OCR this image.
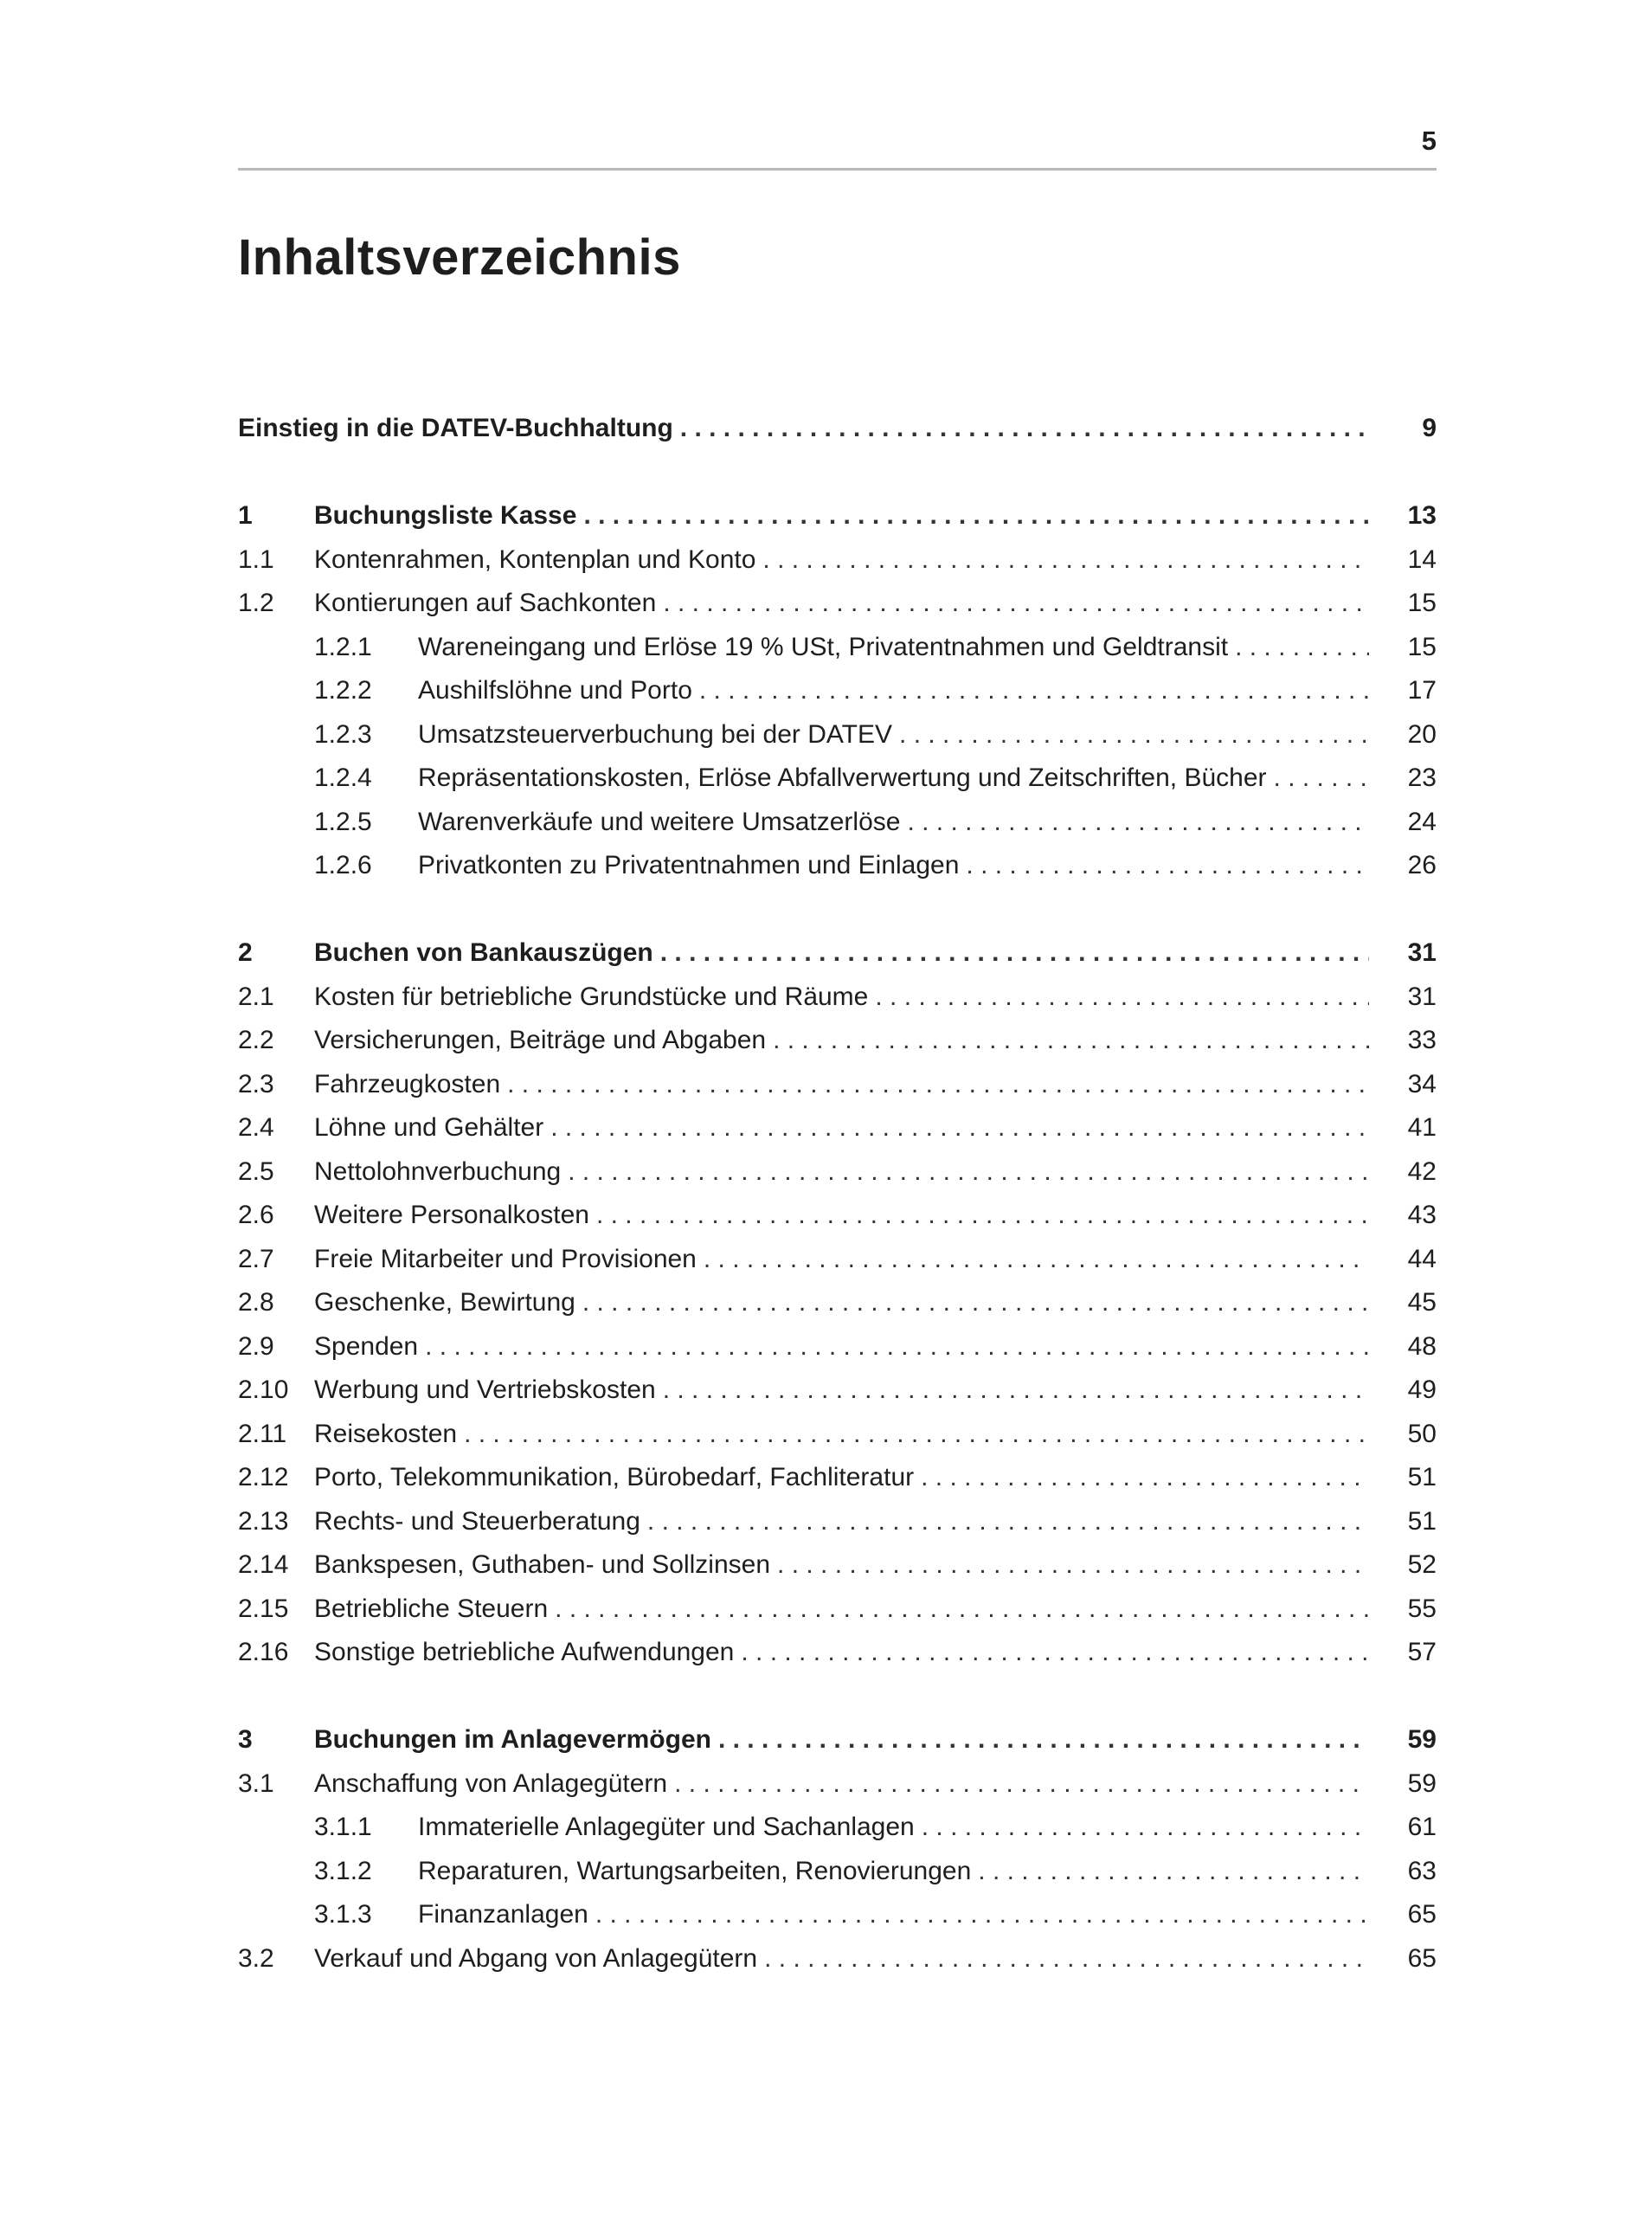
5
Inhaltsverzeichnis
Einstieg in die DATEV-Buchhaltung . . .	9
1	Buchungsliste Kasse . . .	13
1.1	Kontenrahmen, Kontenplan und Konto . . .	14
1.2	Kontierungen auf Sachkonten . . .	15
1.2.1	Wareneingang und Erlöse 19 % USt, Privatentnahmen und Geldtransit . . .	15
1.2.2	Aushilfslöhne und Porto . . .	17
1.2.3	Umsatzsteuerverbuchung bei der DATEV . . .	20
1.2.4	Repräsentationskosten, Erlöse Abfallverwertung und Zeitschriften, Bücher . . .	23
1.2.5	Warenverkäufe und weitere Umsatzerlöse . . .	24
1.2.6	Privatkonten zu Privatentnahmen und Einlagen . . .	26
2	Buchen von Bankauszügen . . .	31
2.1	Kosten für betriebliche Grundstücke und Räume . . .	31
2.2	Versicherungen, Beiträge und Abgaben . . .	33
2.3	Fahrzeugkosten . . .	34
2.4	Löhne und Gehälter . . .	41
2.5	Nettolohnverbuchung . . .	42
2.6	Weitere Personalkosten . . .	43
2.7	Freie Mitarbeiter und Provisionen . . .	44
2.8	Geschenke, Bewirtung . . .	45
2.9	Spenden . . .	48
2.10 Werbung und Vertriebskosten . . .	49
2.11	Reisekosten . . .	50
2.12 Porto, Telekommunikation, Bürobedarf, Fachliteratur . . .	51
2.13 Rechts- und Steuerberatung . . .	51
2.14 Bankspesen, Guthaben- und Sollzinsen . . .	52
2.15 Betriebliche Steuern . . .	55
2.16 Sonstige betriebliche Aufwendungen . . .	57
3	Buchungen im Anlagevermögen . . .	59
3.1	Anschaffung von Anlagegütern . . .	59
3.1.1	Immaterielle Anlagegüter und Sachanlagen . . .	61
3.1.2	Reparaturen, Wartungsarbeiten, Renovierungen . . .	63
3.1.3	Finanzanlagen . . .	65
3.2	Verkauf und Abgang von Anlagegütern . . .	65
